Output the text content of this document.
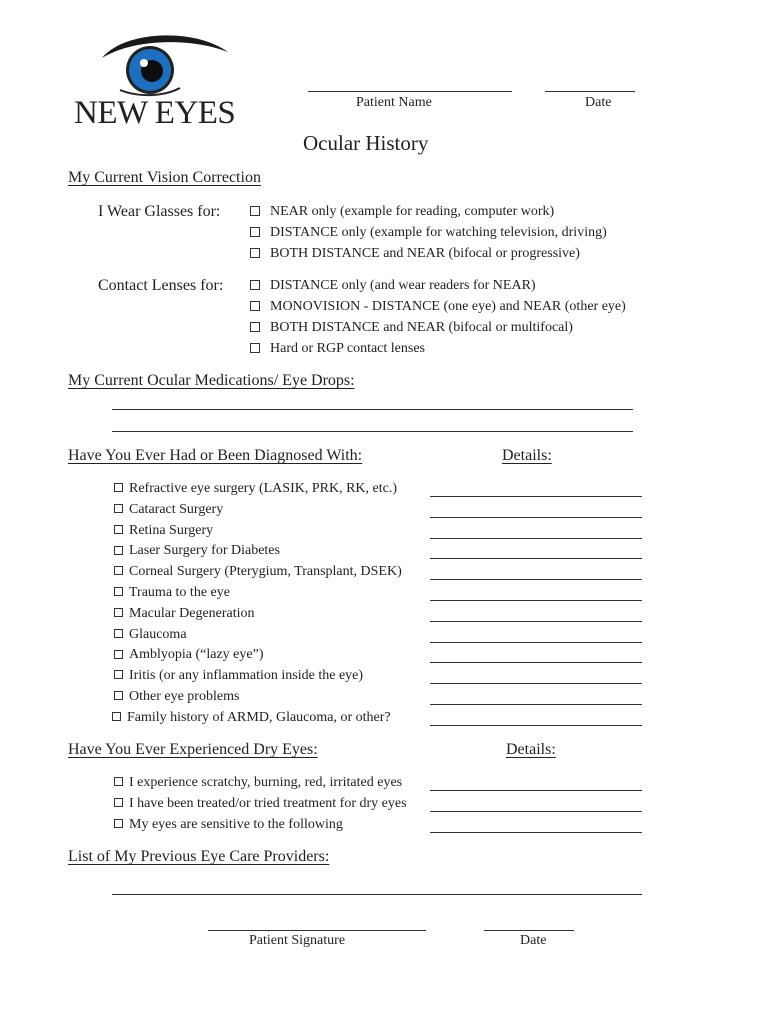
NEW EYES	Patient Name	Date
Ocular History
My Current Vision Correction
I Wear Glasses for:	NEAR only (example for reading, computer work)
DISTANCE only (example for watching television, driving)
BOTH DISTANCE and NEAR (bifocal or progressive)
Contact Lenses for:	DISTANCE only (and wear readers for NEAR)
MONOVISION - DISTANCE (one eye) and NEAR (other eye)
BOTH DISTANCE and NEAR (bifocal or multifocal)
Hard or RGP contact lenses
My Current Ocular Medications/ Eye Drops:
Have You Ever Had or Been Diagnosed With:	Details:
Refractive eye surgery (LASIK, PRK, RK, etc.)
Cataract Surgery
Retina Surgery
Laser Surgery for Diabetes
Corneal Surgery (Pterygium, Transplant, DSEK)
Trauma to the eye
Macular Degeneration
Glaucoma
Amblyopia (“lazy eye”)
Iritis (or any inflammation inside the eye)
Other eye problems
Family history of ARMD, Glaucoma, or other?
Have You Ever Experienced Dry Eyes:	Details:
I experience scratchy, burning, red, irritated eyes
I have been treated/or tried treatment for dry eyes
My eyes are sensitive to the following
List of My Previous Eye Care Providers:
Patient Signature	Date
